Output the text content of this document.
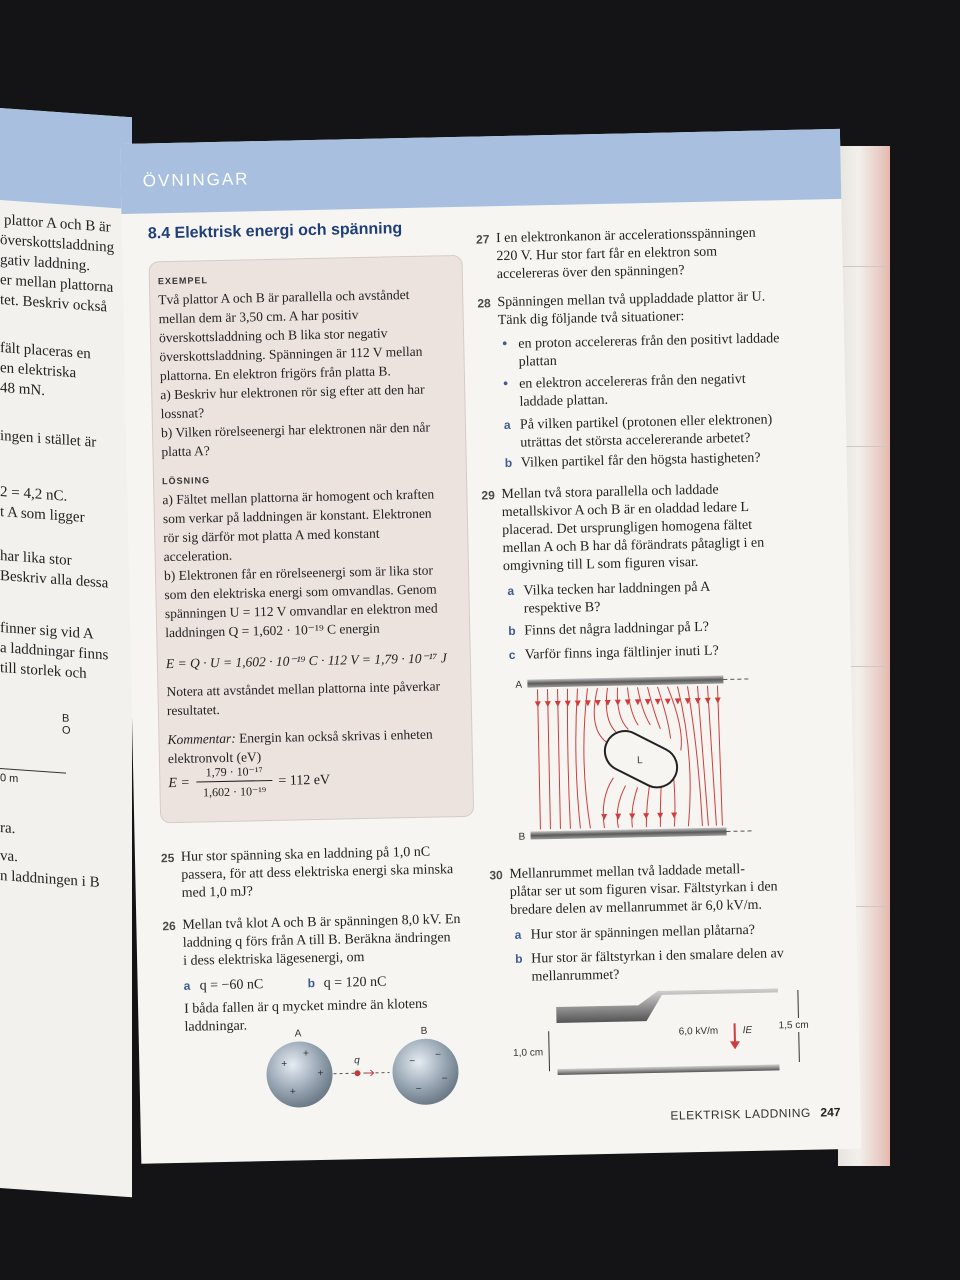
plattor A och B är
överskottsladdning
gativ laddning.
er mellan plattorna
tet. Beskriv också
fält placeras en
en elektriska
48 mN.
ingen i stället är
2 = 4,2 nC.
t A som ligger
har lika stor
Beskriv alla dessa
finner sig vid A
a laddningar finns
till storlek och
B
O
0 m
ra.
va.
n laddningen i B
ÖVNINGAR
8.4 Elektrisk energi och spänning
EXEMPEL
Två plattor A och B är parallella och avståndet
mellan dem är 3,50 cm. A har positiv
överskottsladdning och B lika stor negativ
överskottsladdning. Spänningen är 112 V mellan
plattorna. En elektron frigörs från platta B.
a) Beskriv hur elektronen rör sig efter att den har
lossnat?
b) Vilken rörelseenergi har elektronen när den når
platta A?
LÖSNING
a) Fältet mellan plattorna är homogent och kraften
som verkar på laddningen är konstant. Elektronen
rör sig därför mot platta A med konstant
acceleration.
b) Elektronen får en rörelseenergi som är lika stor
som den elektriska energi som omvandlas. Genom
spänningen U = 112 V omvandlar en elektron med
laddningen Q = 1,602 · 10⁻¹⁹ C energin
E = Q · U = 1,602 · 10⁻¹⁹ C · 112 V = 1,79 · 10⁻¹⁷ J
Notera att avståndet mellan plattorna inte påverkar
resultatet.
Kommentar: Energin kan också skrivas i enheten
elektronvolt (eV)
E =
1,79 · 10⁻¹⁷
1,602 · 10⁻¹⁹
= 112 eV
25 Hur stor spänning ska en laddning på 1,0 nC
passera, för att dess elektriska energi ska minska
med 1,0 mJ?
26 Mellan två klot A och B är spänningen 8,0 kV. En
laddning q förs från A till B. Beräkna ändringen
i dess elektriska lägesenergi, om
a q = −60 nC	b q = 120 nC
I båda fallen är q mycket mindre än klotens
laddningar.
+
+
+
+
−
−
−
−
q
A	B
27 I en elektronkanon är accelerationsspänningen
220 V. Hur stor fart får en elektron som
accelereras över den spänningen?
28 Spänningen mellan två uppladdade plattor är U.
Tänk dig följande två situationer:
• en proton accelereras från den positivt laddade
plattan
• en elektron accelereras från den negativt
laddade plattan.
a På vilken partikel (protonen eller elektronen)
uträttas det största accelererande arbetet?
b Vilken partikel får den högsta hastigheten?
29 Mellan två stora parallella och laddade
metallskivor A och B är en oladdad ledare L
placerad. Det ursprungligen homogena fältet
mellan A och B har då förändrats påtagligt i en
omgivning till L som figuren visar.
a Vilka tecken har laddningen på A
respektive B?
b Finns det några laddningar på L?
c Varför finns inga fältlinjer inuti L?
A
B
L
30 Mellanrummet mellan två laddade metall-
plåtar ser ut som figuren visar. Fältstyrkan i den
bredare delen av mellanrummet är 6,0 kV/m.
a Hur stor är spänningen mellan plåtarna?
b Hur stor är fältstyrkan i den smalare delen av
mellanrummet?
6,0 kV/m IE	1,5 cm
1,0 cm
ELEKTRISK LADDNING 247
